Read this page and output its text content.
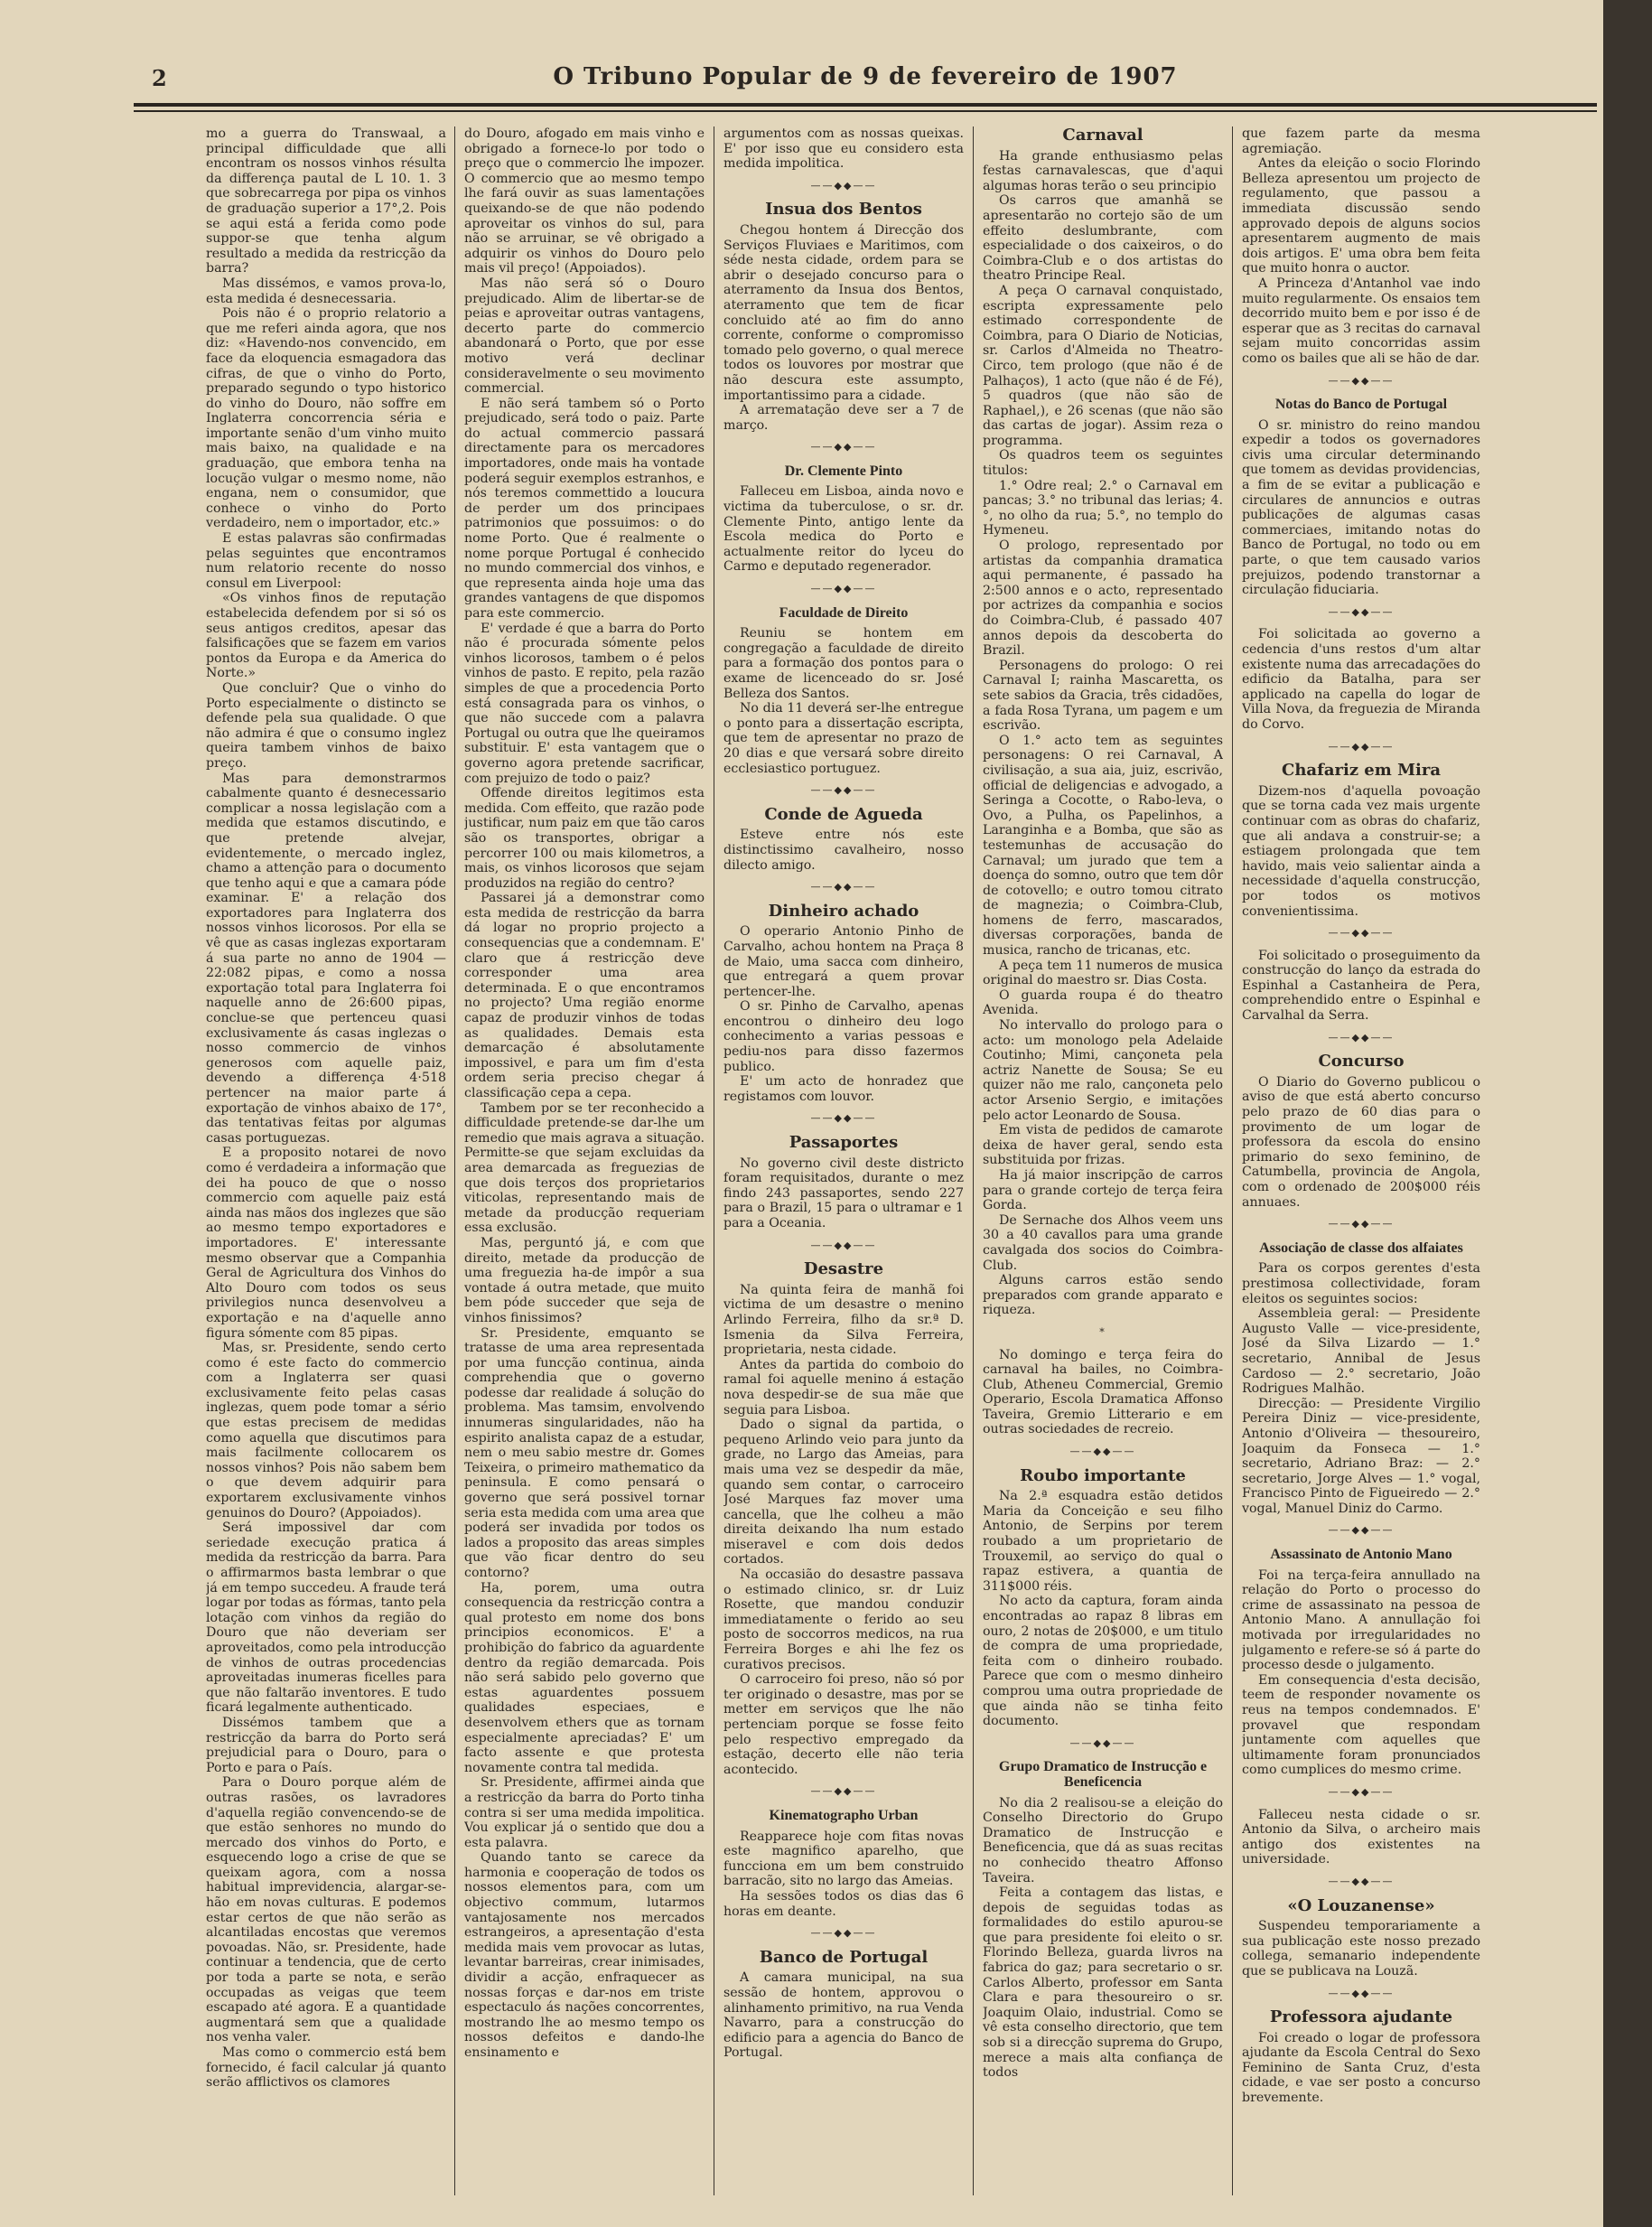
2	O Tribuno Popular de 9 de fevereiro de 1907

mo a guerra do Transwaal, a principal difficuldade que alli encontram os nossos vinhos résulta da differença pautal de L 10. 1. 3 que sobrecarrega por pipa os vinhos de graduação superior a 17°,2. Pois se aqui está a ferida como pode suppor-se que tenha algum resultado a medida da restricção da barra?

Mas dissémos, e vamos prova-lo, esta medida é desnecessaria.

Pois não é o proprio relatorio a que me referi ainda agora, que nos diz: «Havendo-nos convencido, em face da eloquencia esmagadora das cifras, de que o vinho do Porto, preparado segundo o typo historico do vinho do Douro, não soffre em Inglaterra concorrencia séria e importante senão d'um vinho muito mais baixo, na qualidade e na graduação, que embora tenha na locução vulgar o mesmo nome, não engana, nem o consumidor, que conhece o vinho do Porto verdadeiro, nem o importador, etc.»

E estas palavras são confirmadas pelas seguintes que encontramos num relatorio recente do nosso consul em Liverpool:

«Os vinhos finos de reputação estabelecida defendem por si só os seus antigos creditos, apesar das falsificações que se fazem em varios pontos da Europa e da America do Norte.»

Que concluir? Que o vinho do Porto especialmente o distincto se defende pela sua qualidade. O que não admira é que o consumo inglez queira tambem vinhos de baixo preço.

Mas para demonstrarmos cabalmente quanto é desnecessario complicar a nossa legislação com a medida que estamos discutindo, e que pretende alvejar, evidentemente, o mercado inglez, chamo a attenção para o documento que tenho aqui e que a camara póde examinar. E' a relação dos exportadores para Inglaterra dos nossos vinhos licorosos. Por ella se vê que as casas inglezas exportaram á sua parte no anno de 1904 — 22:082 pipas, e como a nossa exportação total para Inglaterra foi naquelle anno de 26:600 pipas, conclue-se que pertenceu quasi exclusivamente ás casas inglezas o nosso commercio de vinhos generosos com aquelle paiz, devendo a differença 4·518 pertencer na maior parte á exportação de vinhos abaixo de 17°, das tentativas feitas por algumas casas portuguezas.

E a proposito notarei de novo como é verdadeira a informação que dei ha pouco de que o nosso commercio com aquelle paiz está ainda nas mãos dos inglezes que são ao mesmo tempo exportadores e importadores. E' interessante mesmo observar que a Companhia Geral de Agricultura dos Vinhos do Alto Douro com todos os seus privilegios nunca desenvolveu a exportação e na d'aquelle anno figura sómente com 85 pipas.

Mas, sr. Presidente, sendo certo como é este facto do commercio com a Inglaterra ser quasi exclusivamente feito pelas casas inglezas, quem pode tomar a sério que estas precisem de medidas como aquella que discutimos para mais facilmente collocarem os nossos vinhos? Pois não sabem bem o que devem adquirir para exportarem exclusivamente vinhos genuinos do Douro? (Appoiados).

Será impossivel dar com seriedade execução pratica á medida da restricção da barra. Para o affirmarmos basta lembrar o que já em tempo succedeu. A fraude terá logar por todas as fórmas, tanto pela lotação com vinhos da região do Douro que não deveriam ser aproveitados, como pela introducção de vinhos de outras procedencias aproveitadas inumeras ficelles para que não faltarão inventores. E tudo ficará legalmente authenticado.

Dissémos tambem que a restricção da barra do Porto será prejudicial para o Douro, para o Porto e para o País.

Para o Douro porque além de outras rasões, os lavradores d'aquella região convencendo-se de que estão senhores no mundo do mercado dos vinhos do Porto, e esquecendo logo a crise de que se queixam agora, com a nossa habitual imprevidencia, alargar-se-hão em novas culturas. E podemos estar certos de que não serão as alcantiladas encostas que veremos povoadas. Não, sr. Presidente, hade continuar a tendencia, que de certo por toda a parte se nota, e serão occupadas as veigas que teem escapado até agora. E a quantidade augmentará sem que a qualidade nos venha valer.

Mas como o commercio está bem fornecido, é facil calcular já quanto serão afflictivos os clamores

do Douro, afogado em mais vinho e obrigado a fornece-lo por todo o preço que o commercio lhe impozer. O commercio que ao mesmo tempo lhe fará ouvir as suas lamentações queixando-se de que não podendo aproveitar os vinhos do sul, para não se arruinar, se vê obrigado a adquirir os vinhos do Douro pelo mais vil preço! (Appoiados).

Mas não será só o Douro prejudicado. Alim de libertar-se de peias e aproveitar outras vantagens, decerto parte do commercio abandonará o Porto, que por esse motivo verá declinar consideravelmente o seu movimento commercial.

E não será tambem só o Porto prejudicado, será todo o paiz. Parte do actual commercio passará directamente para os mercadores importadores, onde mais ha vontade poderá seguir exemplos estranhos, e nós teremos commettido a loucura de perder um dos principaes patrimonios que possuimos: o do nome Porto. Que é realmente o nome porque Portugal é conhecido no mundo commercial dos vinhos, e que representa ainda hoje uma das grandes vantagens de que dispomos para este commercio.

E' verdade é que a barra do Porto não é procurada sómente pelos vinhos licorosos, tambem o é pelos vinhos de pasto. E repito, pela razão simples de que a procedencia Porto está consagrada para os vinhos, o que não succede com a palavra Portugal ou outra que lhe queiramos substituir. E' esta vantagem que o governo agora pretende sacrificar, com prejuizo de todo o paiz?

Offende direitos legitimos esta medida. Com effeito, que razão pode justificar, num paiz em que tão caros são os transportes, obrigar a percorrer 100 ou mais kilometros, a mais, os vinhos licorosos que sejam produzidos na região do centro?

Passarei já a demonstrar como esta medida de restricção da barra dá logar no proprio projecto a consequencias que a condemnam. E' claro que á restricção deve corresponder uma area determinada. E o que encontramos no projecto? Uma região enorme capaz de produzir vinhos de todas as qualidades. Demais esta demarcação é absolutamente impossivel, e para um fim d'esta ordem seria preciso chegar á classificação cepa a cepa.

Tambem por se ter reconhecido a difficuldade pretende-se dar-lhe um remedio que mais agrava a situação. Permitte-se que sejam excluidas da area demarcada as freguezias de que dois terços dos proprietarios viticolas, representando mais de metade da producção requeriam essa exclusão.

Mas, perguntó já, e com que direito, metade da producção de uma freguezia ha-de impôr a sua vontade á outra metade, que muito bem póde succeder que seja de vinhos finissimos?

Sr. Presidente, emquanto se tratasse de uma area representada por uma funcção continua, ainda comprehendia que o governo podesse dar realidade á solução do problema. Mas tamsim, envolvendo innumeras singularidades, não ha espirito analista capaz de a estudar, nem o meu sabio mestre dr. Gomes Teixeira, o primeiro mathematico da peninsula. E como pensará o governo que será possivel tornar seria esta medida com uma area que poderá ser invadida por todos os lados a proposito das areas simples que vão ficar dentro do seu contorno?

Ha, porem, uma outra consequencia da restricção contra a qual protesto em nome dos bons principios economicos. E' a prohibição do fabrico da aguardente dentro da região demarcada. Pois não será sabido pelo governo que estas aguardentes possuem qualidades especiaes, e desenvolvem ethers que as tornam especialmente apreciadas? E' um facto assente e que protesta novamente contra tal medida.

Sr. Presidente, affirmei ainda que a restricção da barra do Porto tinha contra si ser uma medida impolitica. Vou explicar já o sentido que dou a esta palavra.

Quando tanto se carece da harmonia e cooperação de todos os nossos elementos para, com um objectivo commum, lutarmos vantajosamente nos mercados estrangeiros, a apresentação d'esta medida mais vem provocar as lutas, levantar barreiras, crear inimisades, dividir a acção, enfraquecer as nossas forças e dar-nos em triste espectaculo ás nações concorrentes, mostrando lhe ao mesmo tempo os nossos defeitos e dando-lhe ensinamento e

argumentos com as nossas queixas. E' por isso que eu considero esta medida impolitica.

——◆◆——
Insua dos Bentos

Chegou hontem á Direcção dos Serviços Fluviaes e Maritimos, com séde nesta cidade, ordem para se abrir o desejado concurso para o aterramento da Insua dos Bentos, aterramento que tem de ficar concluido até ao fim do anno corrente, conforme o compromisso tomado pelo governo, o qual merece todos os louvores por mostrar que não descura este assumpto, importantissimo para a cidade.

A arrematação deve ser a 7 de março.

——◆◆——
Dr. Clemente Pinto

Falleceu em Lisboa, ainda novo e victima da tuberculose, o sr. dr. Clemente Pinto, antigo lente da Escola medica do Porto e actualmente reitor do lyceu do Carmo e deputado regenerador.

——◆◆——
Faculdade de Direito

Reuniu se hontem em congregação a faculdade de direito para a formação dos pontos para o exame de licenceado do sr. José Belleza dos Santos.

No dia 11 deverá ser-lhe entregue o ponto para a dissertação escripta, que tem de apresentar no prazo de 20 dias e que versará sobre direito ecclesiastico portuguez.

——◆◆——
Conde de Agueda

Esteve entre nós este distinctissimo cavalheiro, nosso dilecto amigo.

——◆◆——
Dinheiro achado

O operario Antonio Pinho de Carvalho, achou hontem na Praça 8 de Maio, uma sacca com dinheiro, que entregará a quem provar pertencer-lhe.

O sr. Pinho de Carvalho, apenas encontrou o dinheiro deu logo conhecimento a varias pessoas e pediu-nos para disso fazermos publico.

E' um acto de honradez que registamos com louvor.

——◆◆——
Passaportes

No governo civil deste districto foram requisitados, durante o mez findo 243 passaportes, sendo 227 para o Brazil, 15 para o ultramar e 1 para a Oceania.

——◆◆——
Desastre

Na quinta feira de manhã foi victima de um desastre o menino Arlindo Ferreira, filho da sr.ª D. Ismenia da Silva Ferreira, proprietaria, nesta cidade.

Antes da partida do comboio do ramal foi aquelle menino á estação nova despedir-se de sua mãe que seguia para Lisboa.

Dado o signal da partida, o pequeno Arlindo veio para junto da grade, no Largo das Ameias, para mais uma vez se despedir da mãe, quando sem contar, o carroceiro José Marques faz mover uma cancella, que lhe colheu a mão direita deixando lha num estado miseravel e com dois dedos cortados.

Na occasião do desastre passava o estimado clinico, sr. dr Luiz Rosette, que mandou conduzir immediatamente o ferido ao seu posto de soccorros medicos, na rua Ferreira Borges e ahi lhe fez os curativos precisos.

O carroceiro foi preso, não só por ter originado o desastre, mas por se metter em serviços que lhe não pertenciam porque se fosse feito pelo respectivo empregado da estação, decerto elle não teria acontecido.

——◆◆——
Kinematographo Urban

Reapparece hoje com fitas novas este magnifico aparelho, que funcciona em um bem construido barracão, sito no largo das Ameias.

Ha sessões todos os dias das 6 horas em deante.

——◆◆——
Banco de Portugal

A camara municipal, na sua sessão de hontem, approvou o alinhamento primitivo, na rua Venda Navarro, para a construcção do edificio para a agencia do Banco de Portugal.

Carnaval

Ha grande enthusiasmo pelas festas carnavalescas, que d'aqui algumas horas terão o seu principio

Os carros que amanhã se apresentarão no cortejo são de um effeito deslumbrante, com especialidade o dos caixeiros, o do Coimbra-Club e o dos artistas do theatro Principe Real.

A peça O carnaval conquistado, escripta expressamente pelo estimado correspondente de Coimbra, para O Diario de Noticias, sr. Carlos d'Almeida no Theatro-Circo, tem prologo (que não é de Palhaços), 1 acto (que não é de Fé), 5 quadros (que não são de Raphael,), e 26 scenas (que não são das cartas de jogar). Assim reza o programma.

Os quadros teem os seguintes titulos:

1.° Odre real; 2.° o Carnaval em pancas; 3.° no tribunal das lerias; 4.°, no olho da rua; 5.°, no templo do Hymeneu.

O prologo, representado por artistas da companhia dramatica aqui permanente, é passado ha 2:500 annos e o acto, representado por actrizes da companhia e socios do Coimbra-Club, é passado 407 annos depois da descoberta do Brazil.

Personagens do prologo: O rei Carnaval I; rainha Mascaretta, os sete sabios da Gracia, três cidadões, a fada Rosa Tyrana, um pagem e um escrivão.

O 1.° acto tem as seguintes personagens: O rei Carnaval, A civilisação, a sua aia, juiz, escrivão, official de deligencias e advogado, a Seringa a Cocotte, o Rabo-leva, o Ovo, a Pulha, os Papelinhos, a Laranginha e a Bomba, que são as testemunhas de accusação do Carnaval; um jurado que tem a doença do somno, outro que tem dôr de cotovello; e outro tomou citrato de magnezia; o Coimbra-Club, homens de ferro, mascarados, diversas corporações, banda de musica, rancho de tricanas, etc.

A peça tem 11 numeros de musica original do maestro sr. Dias Costa.

O guarda roupa é do theatro Avenida.

No intervallo do prologo para o acto: um monologo pela Adelaide Coutinho; Mimi, cançoneta pela actriz Nanette de Sousa; Se eu quizer não me ralo, cançoneta pelo actor Arsenio Sergio, e imitações pelo actor Leonardo de Sousa.

Em vista de pedidos de camarote deixa de haver geral, sendo esta substituida por frizas.

Ha já maior inscripção de carros para o grande cortejo de terça feira Gorda.

De Sernache dos Alhos veem uns 30 a 40 cavallos para uma grande cavalgada dos socios do Coimbra-Club.

Alguns carros estão sendo preparados com grande apparato e riqueza.

*

No domingo e terça feira do carnaval ha bailes, no Coimbra-Club, Atheneu Commercial, Gremio Operario, Escola Dramatica Affonso Taveira, Gremio Litterario e em outras sociedades de recreio.

——◆◆——
Roubo importante

Na 2.ª esquadra estão detidos Maria da Conceição e seu filho Antonio, de Serpins por terem roubado a um proprietario de Trouxemil, ao serviço do qual o rapaz estivera, a quantia de 311$000 réis.

No acto da captura, foram ainda encontradas ao rapaz 8 libras em ouro, 2 notas de 20$000, e um titulo de compra de uma propriedade, feita com o dinheiro roubado. Parece que com o mesmo dinheiro comprou uma outra propriedade de que ainda não se tinha feito documento.

——◆◆——
Grupo Dramatico de Instrucção e Beneficencia

No dia 2 realisou-se a eleição do Conselho Directorio do Grupo Dramatico de Instrucção e Beneficencia, que dá as suas recitas no conhecido theatro Affonso Taveira.

Feita a contagem das listas, e depois de seguidas todas as formalidades do estilo apurou-se que para presidente foi eleito o sr. Florindo Belleza, guarda livros na fabrica do gaz; para secretario o sr. Carlos Alberto, professor em Santa Clara e para thesoureiro o sr. Joaquim Olaio, industrial. Como se vê esta conselho directorio, que tem sob si a direcção suprema do Grupo, merece a mais alta confiança de todos

que fazem parte da mesma agremiação.

Antes da eleição o socio Florindo Belleza apresentou um projecto de regulamento, que passou a immediata discussão sendo approvado depois de alguns socios apresentarem augmento de mais dois artigos. E' uma obra bem feita que muito honra o auctor.

A Princeza d'Antanhol vae indo muito regularmente. Os ensaios tem decorrido muito bem e por isso é de esperar que as 3 recitas do carnaval sejam muito concorridas assim como os bailes que ali se hão de dar.

——◆◆——
Notas do Banco de Portugal

O sr. ministro do reino mandou expedir a todos os governadores civis uma circular determinando que tomem as devidas providencias, a fim de se evitar a publicação e circulares de annuncios e outras publicações de algumas casas commerciaes, imitando notas do Banco de Portugal, no todo ou em parte, o que tem causado varios prejuizos, podendo transtornar a circulação fiduciaria.

——◆◆——

Foi solicitada ao governo a cedencia d'uns restos d'um altar existente numa das arrecadações do edificio da Batalha, para ser applicado na capella do logar de Villa Nova, da freguezia de Miranda do Corvo.

——◆◆——
Chafariz em Mira

Dizem-nos d'aquella povoação que se torna cada vez mais urgente continuar com as obras do chafariz, que ali andava a construir-se; a estiagem prolongada que tem havido, mais veio salientar ainda a necessidade d'aquella construcção, por todos os motivos convenientissima.

——◆◆——

Foi solicitado o proseguimento da construcção do lanço da estrada do Espinhal a Castanheira de Pera, comprehendido entre o Espinhal e Carvalhal da Serra.

——◆◆——
Concurso

O Diario do Governo publicou o aviso de que está aberto concurso pelo prazo de 60 dias para o provimento de um logar de professora da escola do ensino primario do sexo feminino, de Catumbella, provincia de Angola, com o ordenado de 200$000 réis annuaes.

——◆◆——
Associação de classe dos alfaiates

Para os corpos gerentes d'esta prestimosa collectividade, foram eleitos os seguintes socios:

Assembleia geral: — Presidente Augusto Valle — vice-presidente, José da Silva Lizardo — 1.° secretario, Annibal de Jesus Cardoso — 2.° secretario, João Rodrigues Malhão.

Direcção: — Presidente Virgilio Pereira Diniz — vice-presidente, Antonio d'Oliveira — thesoureiro, Joaquim da Fonseca — 1.° secretario, Adriano Braz: — 2.° secretario, Jorge Alves — 1.° vogal, Francisco Pinto de Figueiredo — 2.° vogal, Manuel Diniz do Carmo.

——◆◆——
Assassinato de Antonio Mano

Foi na terça-feira annullado na relação do Porto o processo do crime de assassinato na pessoa de Antonio Mano. A annullação foi motivada por irregularidades no julgamento e refere-se só á parte do processo desde o julgamento.

Em consequencia d'esta decisão, teem de responder novamente os reus na tempos condemnados. E' provavel que respondam juntamente com aquelles que ultimamente foram pronunciados como cumplices do mesmo crime.

——◆◆——

Falleceu nesta cidade o sr. Antonio da Silva, o archeiro mais antigo dos existentes na universidade.

——◆◆——
«O Louzanense»

Suspendeu temporariamente a sua publicação este nosso prezado collega, semanario independente que se publicava na Louzã.

——◆◆——
Professora ajudante

Foi creado o logar de professora ajudante da Escola Central do Sexo Feminino de Santa Cruz, d'esta cidade, e vae ser posto a concurso brevemente.
